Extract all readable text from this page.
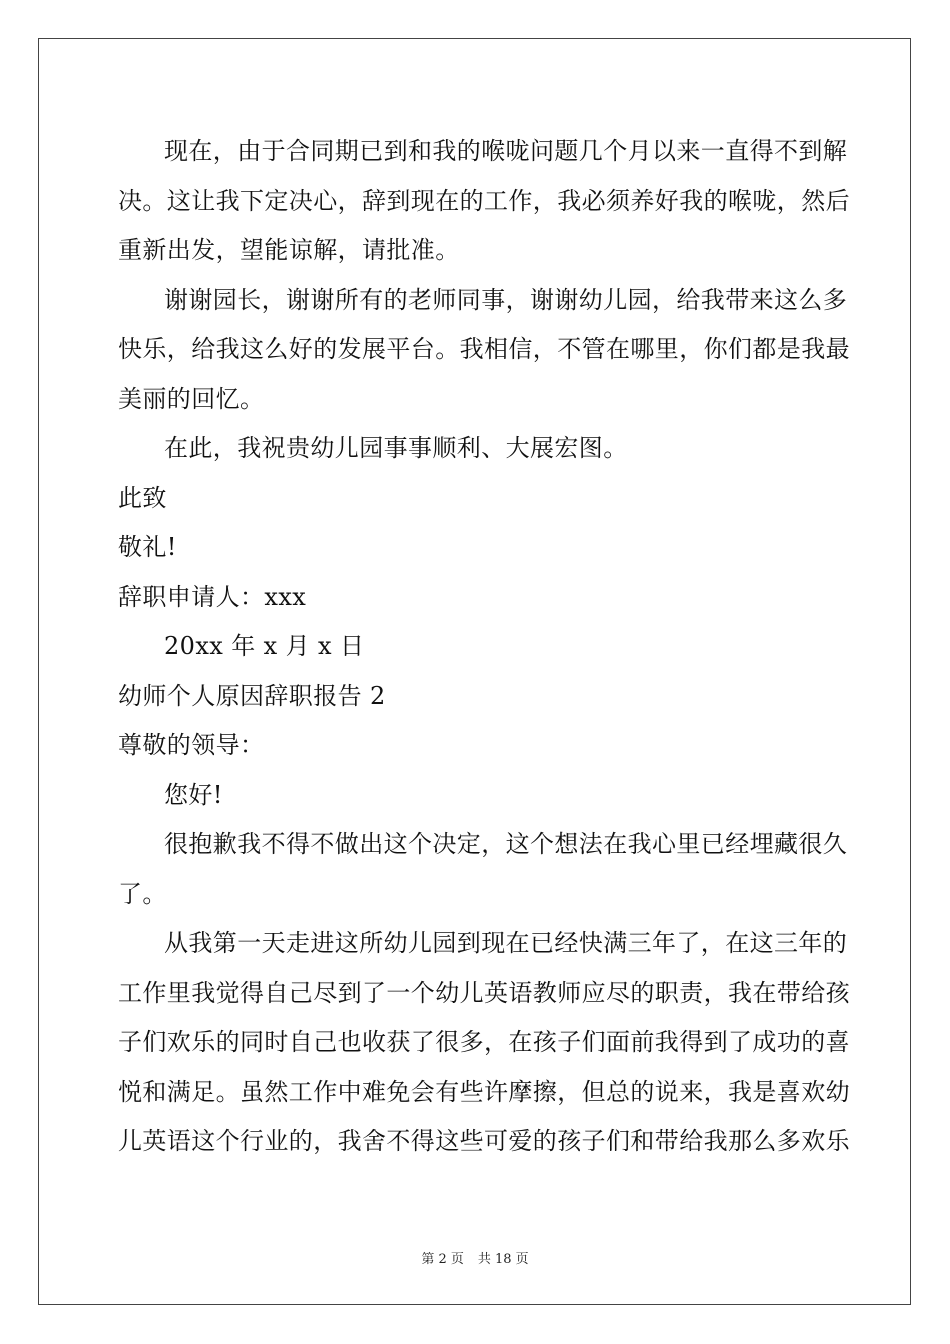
现在，由于合同期已到和我的喉咙问题几个月以来一直得不到解
决。这让我下定决心，辞到现在的工作，我必须养好我的喉咙，然后
重新出发，望能谅解，请批准。
谢谢园长，谢谢所有的老师同事，谢谢幼儿园，给我带来这么多
快乐，给我这么好的发展平台。我相信，不管在哪里，你们都是我最
美丽的回忆。
在此，我祝贵幼儿园事事顺利、大展宏图。
此致
敬礼!
辞职申请人：xxx
20xx 年 x 月 x 日
幼师个人原因辞职报告 2
尊敬的领导：
您好!
很抱歉我不得不做出这个决定，这个想法在我心里已经埋藏很久
了。
从我第一天走进这所幼儿园到现在已经快满三年了，在这三年的
工作里我觉得自己尽到了一个幼儿英语教师应尽的职责，我在带给孩
子们欢乐的同时自己也收获了很多，在孩子们面前我得到了成功的喜
悦和满足。虽然工作中难免会有些许摩擦，但总的说来，我是喜欢幼
儿英语这个行业的，我舍不得这些可爱的孩子们和带给我那么多欢乐
第 2 页 共 18 页
